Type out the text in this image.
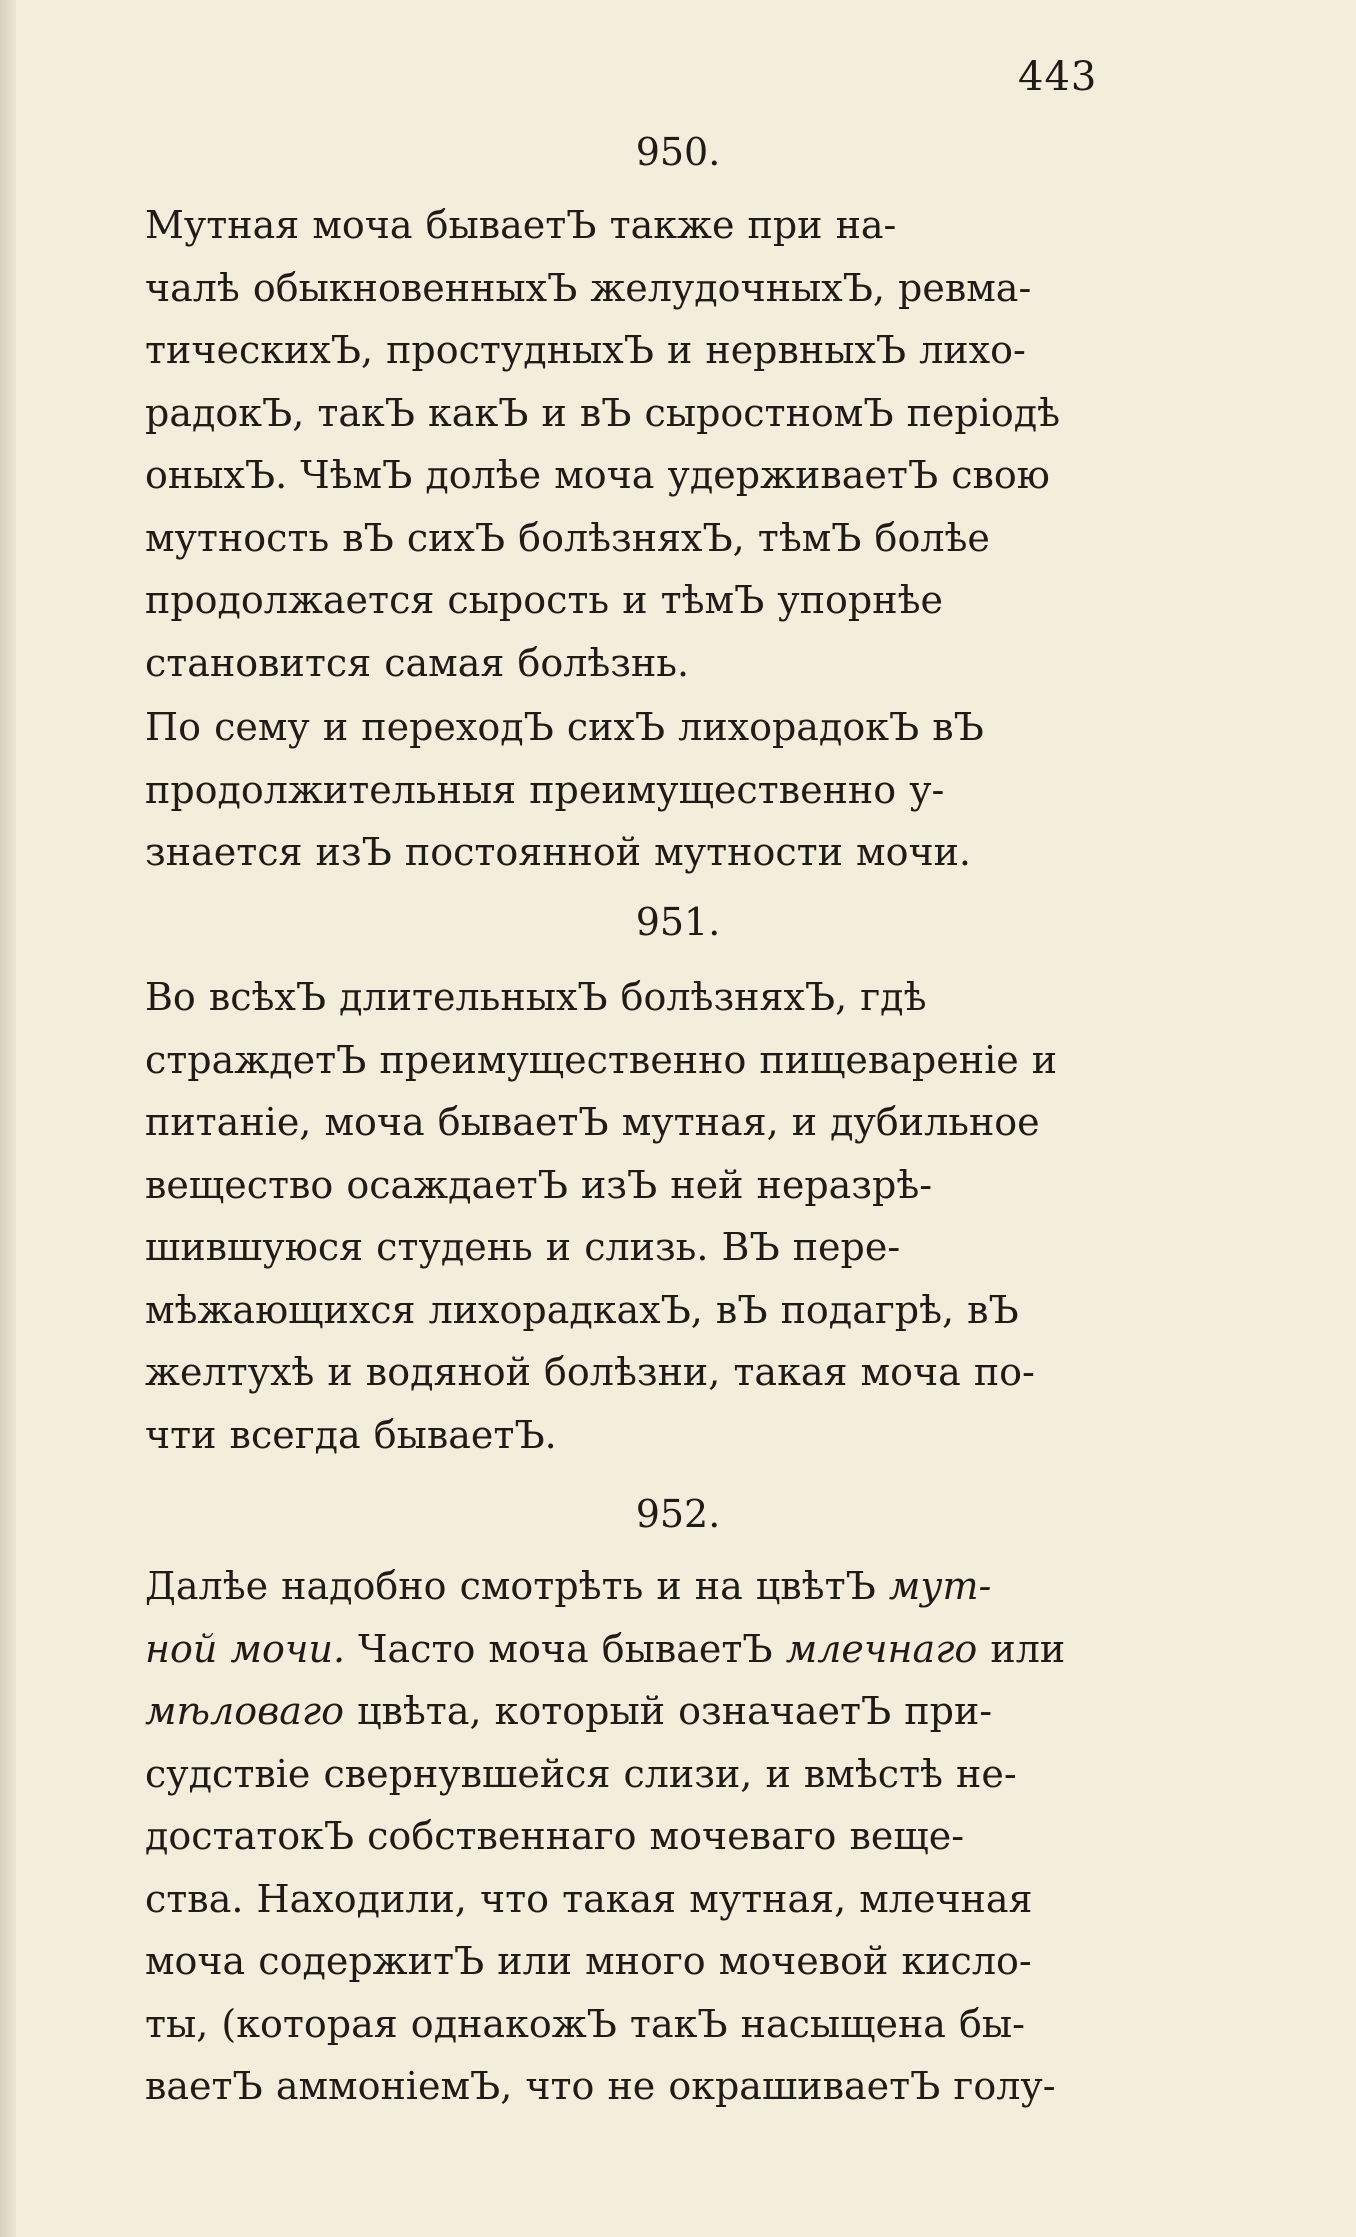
443
950.

Мутная моча бываетЪ также при на-
чалѣ обыкновенныхЪ желудочныхЪ, ревма-
тическихЪ, простудныхЪ и нервныхЪ лихо-
радокЪ, такЪ какЪ и вЪ сыростномЪ періодѣ
оныхЪ. ЧѣмЪ долѣе моча удерживаетЪ свою
мутность вЪ сихЪ болѣзняхЪ, тѣмЪ болѣе
продолжается сырость и тѣмЪ упорнѣе
становится самая болѣзнь.

По сему и переходЪ сихЪ лихорадокЪ вЪ
продолжительныя преимущественно у-
знается изЪ постоянной мутности мочи.

951.

Во всѣхЪ длительныхЪ болѣзняхЪ, гдѣ
страждетЪ преимущественно пищевареніе и
питаніе, моча бываетЪ мутная, и дубильное
вещество осаждаетЪ изЪ ней неразрѣ-
шившуюся студень и слизь. ВЪ пере-
мѣжающихся лихорадкахЪ, вЪ подагрѣ, вЪ
желтухѣ и водяной болѣзни, такая моча по-
чти всегда бываетЪ.

952.

Далѣе надобно смотрѣть и на цвѣтЪ мут-
ной мочи. Часто моча бываетЪ млечнаго или
мѣловаго цвѣта, который означаетЪ при-
судствіе свернувшейся слизи, и вмѣстѣ не-
достатокЪ собственнаго мочеваго веще-
ства. Находили, что такая мутная, млечная
моча содержитЪ или много мочевой кисло-
ты, (которая однакожЪ такЪ насыщена бы-
ваетЪ аммоніемЪ, что не окрашиваетЪ голу-
